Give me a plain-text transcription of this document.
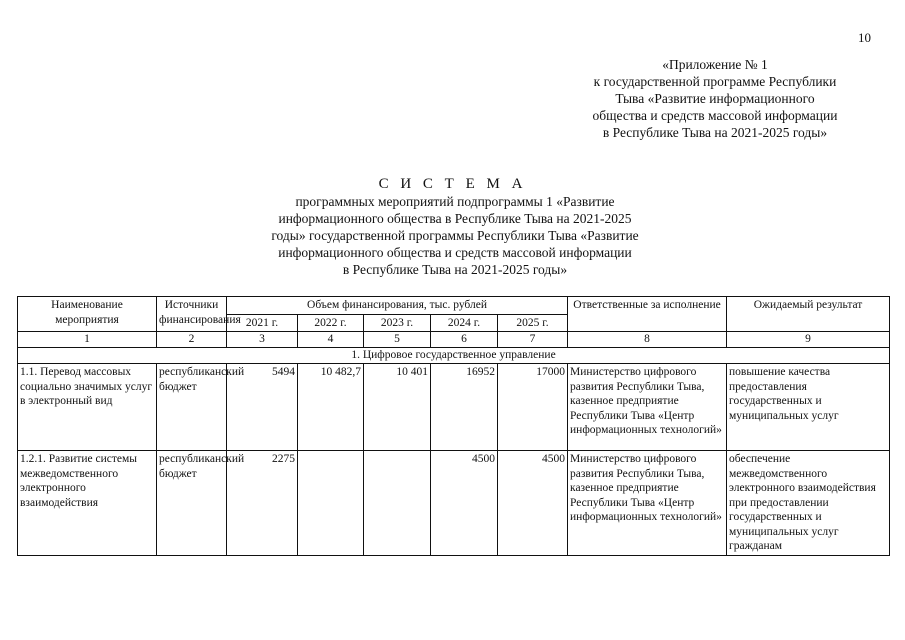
10
«Приложение № 1
к государственной программе Республики
Тыва «Развитие информационного
общества и средств массовой информации
в Республике Тыва на 2021-2025 годы»
С И С Т Е М А
программных мероприятий подпрограммы 1 «Развитие
информационного общества в Республике Тыва на 2021-2025
годы» государственной программы Республики Тыва «Развитие
информационного общества и средств массовой информации
в Республике Тыва на 2021-2025 годы»
Наименование мероприятия	Источники финансирования	Объем финансирования, тыс. рублей					Ответственные за исполнение	Ожидаемый результат
		2021 г.	2022 г.	2023 г.	2024 г.	2025 г.		
1	2	3	4	5	6	7	8	9
1. Цифровое государственное управление								
1.1. Перевод массовых социально значимых услуг в электронный вид	республиканский бюджет	5494	10 482,7	10 401	16952	17000	Министерство цифрового развития Республики Тыва, казенное предприятие Республики Тыва «Центр информационных технологий»	повышение качества предоставления государственных и муниципальных услуг
1.2.1. Развитие системы межведомственного электронного взаимодействия	республиканский бюджет	2275			4500	4500	Министерство цифрового развития Республики Тыва, казенное предприятие Республики Тыва «Центр информационных технологий»	обеспечение межведомственного электронного взаимодействия при предоставлении государственных и муниципальных услуг гражданам
